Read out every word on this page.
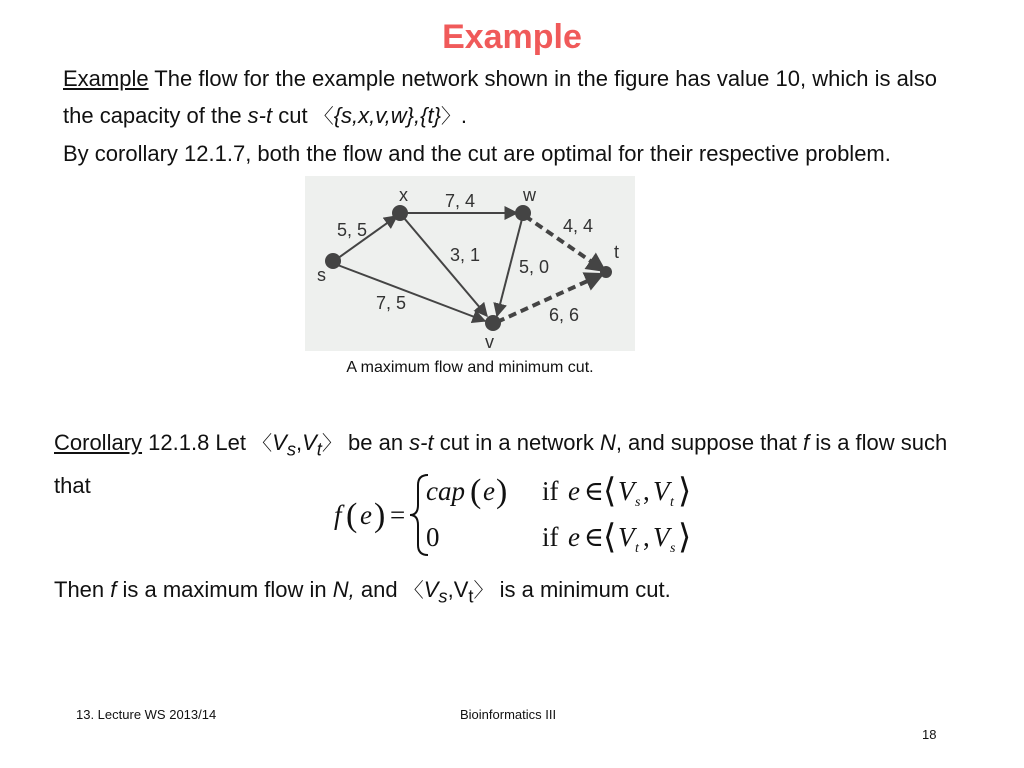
Example
Example The flow for the example network shown in the figure has value 10, which is also the capacity of the s-t cut 〈{s,x,v,w},{t}〉.
By corollary 12.1.7, both the flow and the cut are optimal for their respective problem.
s
x	w
t
v
5, 5
7, 4
4, 4
3, 1
5, 0
7, 5
6, 6
A maximum flow and minimum cut.
Corollary 12.1.8 Let 〈$V_s,V_t$〉 be an s-t cut in a network N, and suppose that f is a flow such that
f ( e ) =
cap ( e ) if e ∈ ⟨ V s , V t ⟩
0	if e ∈ ⟨ V t , V s ⟩
Then f is a maximum flow in N, and 〈$V_s,V_t$〉 is a minimum cut.
13. Lecture WS 2013/14	Bioinformatics III
18
